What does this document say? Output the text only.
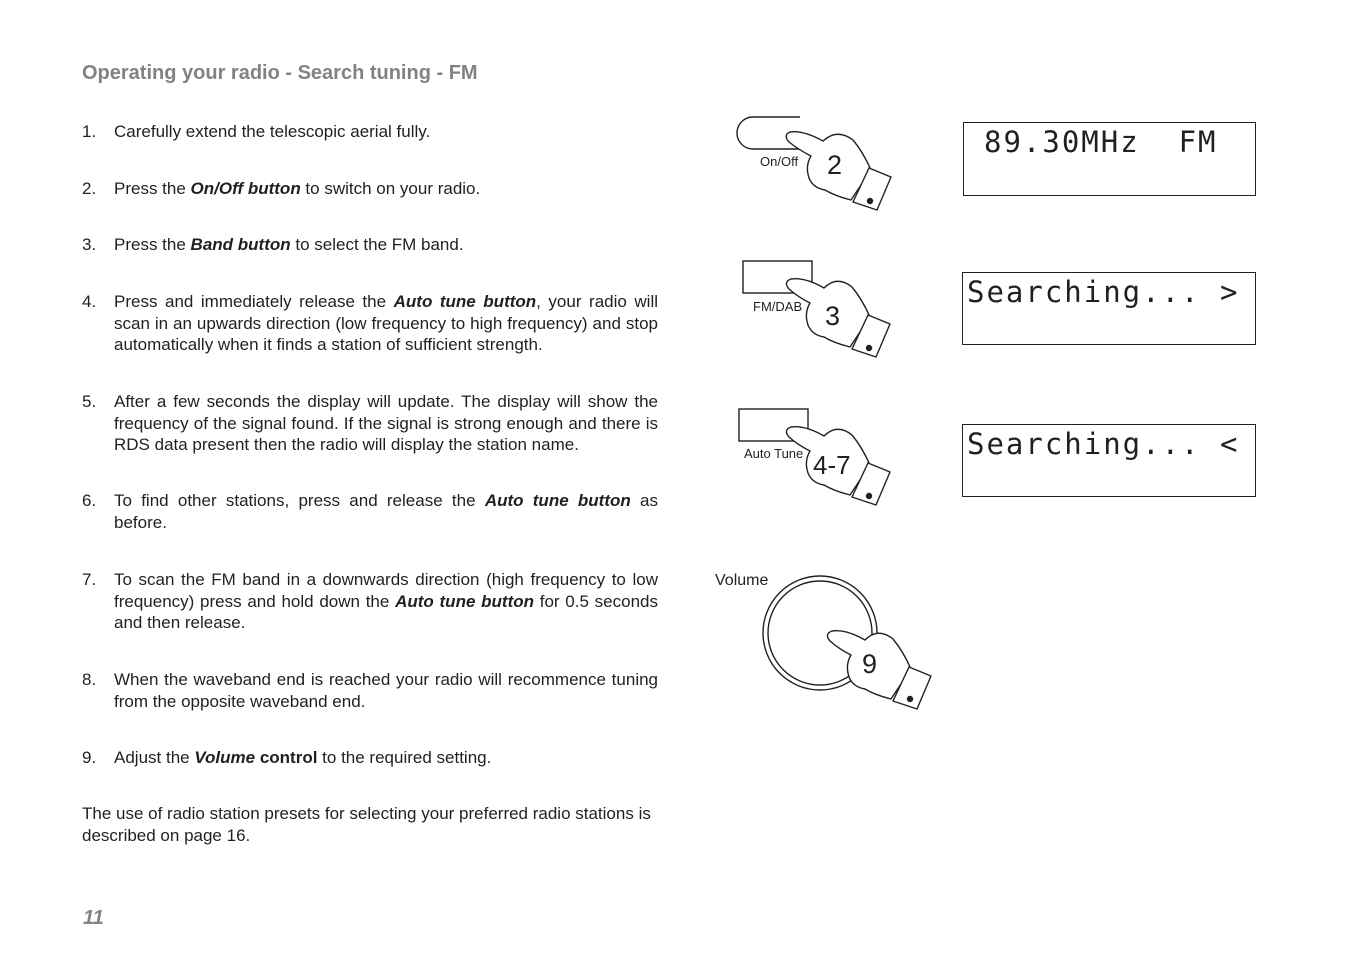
Operating your radio - Search tuning - FM
1. Carefully extend the telescopic aerial fully.
2. Press the On/Off button to switch on your radio.
3. Press the Band button to select the FM band.
4. Press and immediately release the Auto tune button, your radio will scan in an upwards direction (low frequency to high frequency) and stop automatically when it finds a station of sufficient strength.
5. After a few seconds the display will update. The display will show the frequency of the signal found. If the signal is strong enough and there is RDS data present then the radio will display the station name.
6. To find other stations, press and release the Auto tune button as before.
7. To scan the FM band in a downwards direction (high frequency to low frequency) press and hold down the Auto tune button for 0.5 seconds and then release.
8. When the waveband end is reached your radio will recommence tuning from the opposite waveband end.
9. Adjust the Volume control to the required setting.
The use of radio station presets for selecting your preferred radio stations is described on page 16.
11
On/Off 2
FM/DAB 3
Auto Tune 4-7
Volume
9

89.30MHz  FM

Searching... >

Searching... <
